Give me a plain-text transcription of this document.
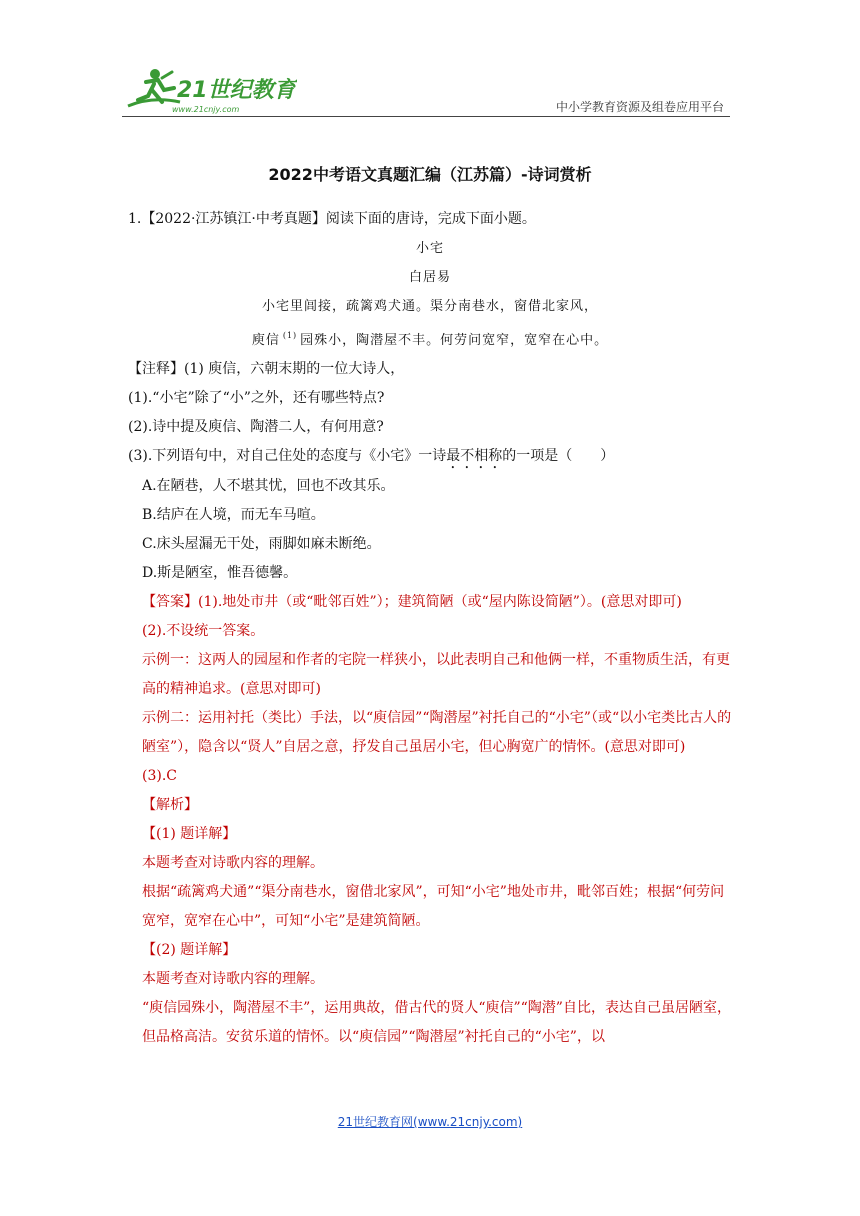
21世纪教育
www.21cnjy.com	中小学教育资源及组卷应用平台
2022中考语文真题汇编（江苏篇）-诗词赏析

1.【2022·江苏镇江·中考真题】阅读下面的唐诗，完成下面小题。

小宅

白居易

小宅里闾接，疏篱鸡犬通。渠分南巷水，窗借北家风，

庾信 $^{(1)}$ 园殊小，陶潜屋不丰。何劳问宽窄，宽窄在心中。

【注释】(1) 庾信，六朝末期的一位大诗人，

(1).“小宅”除了“小”之外，还有哪些特点?

(2).诗中提及庾信、陶潜二人，有何用意?

(3).下列语句中，对自己住处的态度与《小宅》一诗最不相称的一项是（　　）

A.在陋巷，人不堪其忧，回也不改其乐。

B.结庐在人境，而无车马喧。

C.床头屋漏无干处，雨脚如麻未断绝。

D.斯是陋室，惟吾德馨。

【答案】(1).地处市井（或“毗邻百姓”）；建筑简陋（或“屋内陈设简陋”）。(意思对即可)

(2).不设统一答案。

示例一：这两人的园屋和作者的宅院一样狭小，以此表明自己和他俩一样，不重物质生活，有更高的精神追求。(意思对即可)

示例二：运用衬托（类比）手法，以“庾信园”“陶潜屋”衬托自己的“小宅”（或“以小宅类比古人的陋室”），隐含以“贤人”自居之意，抒发自己虽居小宅，但心胸宽广的情怀。(意思对即可)(3).C

【解析】

【(1) 题详解】

本题考查对诗歌内容的理解。

根据“疏篱鸡犬通”“渠分南巷水，窗借北家风”，可知“小宅”地处市井，毗邻百姓；根据“何劳问宽窄，宽窄在心中”，可知“小宅”是建筑简陋。

【(2) 题详解】

本题考查对诗歌内容的理解。

“庾信园殊小，陶潜屋不丰”，运用典故，借古代的贤人“庾信”“陶潜”自比，表达自己虽居陋室，但品格高洁。安贫乐道的情怀。以“庾信园”“陶潜屋”衬托自己的“小宅”，以

21世纪教育网(www.21cnjy.com)
